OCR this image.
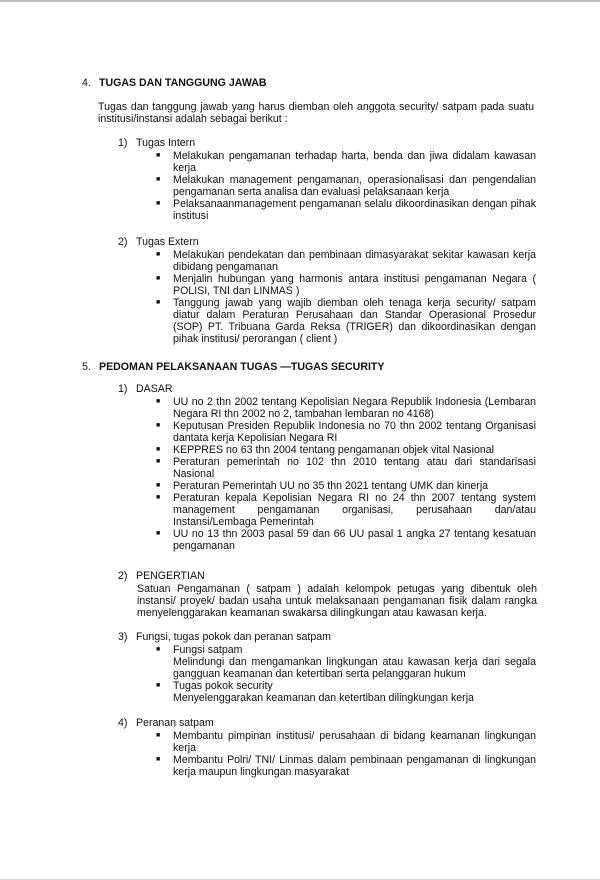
4. TUGAS DAN TANGGUNG JAWAB
Tugas dan tanggung jawab yang harus diemban oleh anggota security/ satpam pada suatu institusi/instansi adalah sebagai berikut :
1) Tugas Intern
■ Melakukan pengamanan terhadap harta, benda dan jiwa didalam kawasan kerja
■ Melakukan management pengamanan, operasionalisasi dan pengendalian pengamanan serta analisa dan evaluasi pelaksanaan kerja
■ Pelaksanaanmanagement pengamanan selalu dikoordinasikan dengan pihak institusi
2) Tugas Extern
■ Melakukan pendekatan dan pembinaan dimasyarakat sekitar kawasan kerja dibidang pengamanan
■ Menjalin hubungan yang harmonis antara institusi pengamanan Negara ( POLISI, TNI dan LINMAS )
■ Tanggung jawab yang wajib diemban oleh tenaga kerja security/ satpam diatur dalam Peraturan Perusahaan dan Standar Operasional Prosedur (SOP) PT. Tribuana Garda Reksa (TRIGER) dan dikoordinasikan dengan pihak institusi/ perorangan ( client )
5. PEDOMAN PELAKSANAAN TUGAS —TUGAS SECURITY
1) DASAR
■ UU no 2 thn 2002 tentang Kepolisian Negara Republik Indonesia (Lembaran Negara RI thn 2002 no 2, tambahan lembaran no 4168)
■ Keputusan Presiden Republik Indonesia no 70 thn 2002 tentang Organisasi dantata kerja Kepolisian Negara RI
■ KEPPRES no 63 thn 2004 tentang pengamanan objek vital Nasional
■ Peraturan pemerintah no 102 thn 2010 tentang atau dari standarisasi Nasional
■ Peraturan Pemerintah UU no 35 thn 2021 tentang UMK dan kinerja
■ Peraturan kepala Kepolisian Negara RI no 24 thn 2007 tentang system management pengamanan organisasi, perusahaan dan/atau Instansi/Lembaga Pemerintah
■ UU no 13 thn 2003 pasal 59 dan 66 UU pasal 1 angka 27 tentang kesatuan pengamanan
2) PENGERTIAN
Satuan Pengamanan ( satpam ) adalah kelompok petugas yang dibentuk oleh instansi/ proyek/ badan usaha untuk melaksanaan pengamanan fisik dalam rangka menyelenggarakan keamanan swakarsa dilingkungan atau kawasan kerja.
3) Fungsi, tugas pokok dan peranan satpam
■ Fungsi satpam
Melindungi dan mengamankan lingkungan atau kawasan kerja dari segala gangguan keamanan dan ketertiban serta pelanggaran hukum
■ Tugas pokok security
Menyelenggarakan keamanan dan ketertiban dilingkungan kerja
4) Peranan satpam
■ Membantu pimpinan institusi/ perusahaan di bidang keamanan lingkungan kerja
■ Membantu Polri/ TNI/ Linmas dalam pembinaan pengamanan di lingkungan kerja maupun lingkungan masyarakat
